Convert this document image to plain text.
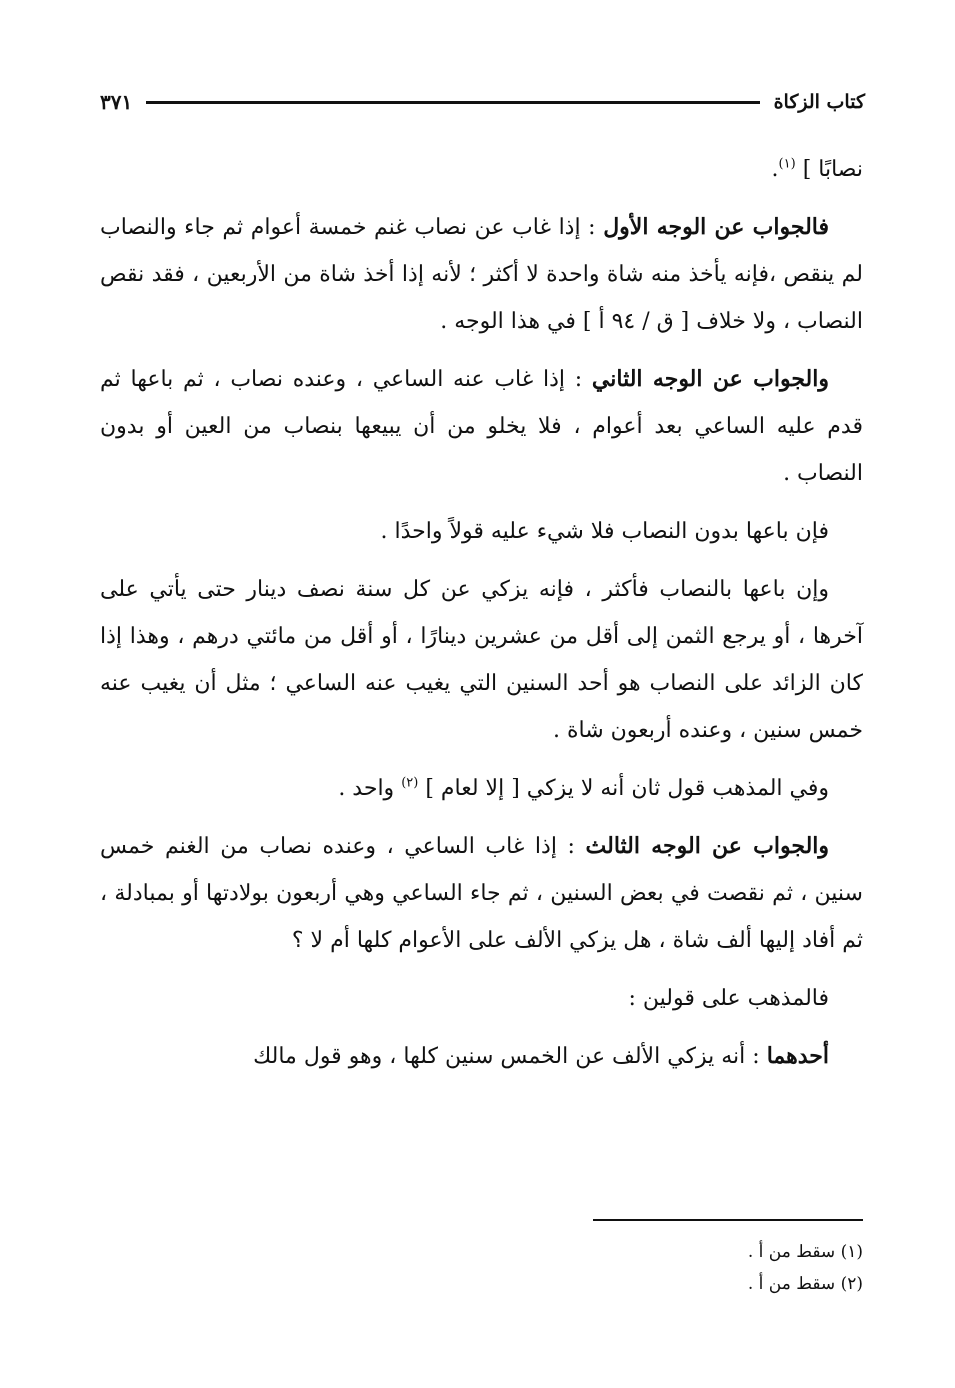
كتاب الزكاة
٣٧١

نصابًا ] $^{(١)}$.

فالجواب عن الوجه الأول : إذا غاب عن نصاب غنم خمسة أعوام ثم جاء والنصاب لم ينقص ،فإنه يأخذ منه شاة واحدة لا أكثر ؛ لأنه إذا أخذ شاة من الأربعين ، فقد نقص النصاب ، ولا خلاف [ ق / ٩٤ أ ] في هذا الوجه .

والجواب عن الوجه الثاني : إذا غاب عنه الساعي ، وعنده نصاب ، ثم باعها ثم قدم عليه الساعي بعد أعوام ، فلا يخلو من أن يبيعها بنصاب من العين أو بدون النصاب .

فإن باعها بدون النصاب فلا شيء عليه قولاً واحدًا .

وإن باعها بالنصاب فأكثر ، فإنه يزكي عن كل سنة نصف دينار حتى يأتي على آخرها ، أو يرجع الثمن إلى أقل من عشرين دينارًا ، أو أقل من مائتي درهم ، وهذا إذا كان الزائد على النصاب هو أحد السنين التي يغيب عنه الساعي ؛ مثل أن يغيب عنه خمس سنين ، وعنده أربعون شاة .

وفي المذهب قول ثان أنه لا يزكي [ إلا لعام ] $^{(٢)}$ واحد .

والجواب عن الوجه الثالث : إذا غاب الساعي ، وعنده نصاب من الغنم خمس سنين ، ثم نقصت في بعض السنين ، ثم جاء الساعي وهي أربعون بولادتها أو بمبادلة ، ثم أفاد إليها ألف شاة ، هل يزكي الألف على الأعوام كلها أم لا ؟

فالمذهب على قولين :

أحدهما : أنه يزكي الألف عن الخمس سنين كلها ، وهو قول مالك

(١) سقط من أ .
(٢) سقط من أ .
